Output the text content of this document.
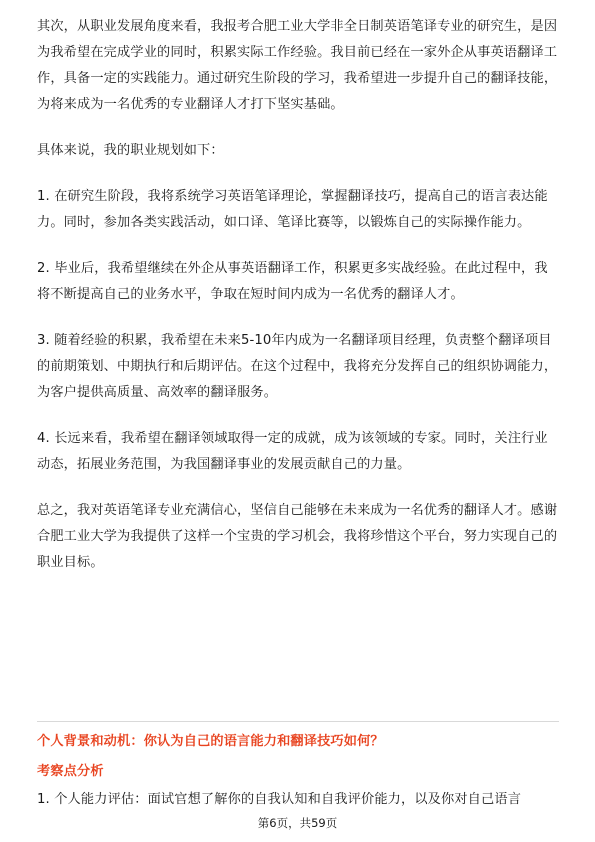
其次，从职业发展角度来看，我报考合肥工业大学非全日制英语笔译专业的研究生，是因为我希望在完成学业的同时，积累实际工作经验。我目前已经在一家外企从事英语翻译工作，具备一定的实践能力。通过研究生阶段的学习，我希望进一步提升自己的翻译技能，为将来成为一名优秀的专业翻译人才打下坚实基础。

具体来说，我的职业规划如下：

1. 在研究生阶段，我将系统学习英语笔译理论，掌握翻译技巧，提高自己的语言表达能力。同时，参加各类实践活动，如口译、笔译比赛等，以锻炼自己的实际操作能力。

2. 毕业后，我希望继续在外企从事英语翻译工作，积累更多实战经验。在此过程中，我将不断提高自己的业务水平，争取在短时间内成为一名优秀的翻译人才。

3. 随着经验的积累，我希望在未来5-10年内成为一名翻译项目经理，负责整个翻译项目的前期策划、中期执行和后期评估。在这个过程中，我将充分发挥自己的组织协调能力，为客户提供高质量、高效率的翻译服务。

4. 长远来看，我希望在翻译领域取得一定的成就，成为该领域的专家。同时，关注行业动态，拓展业务范围，为我国翻译事业的发展贡献自己的力量。

总之，我对英语笔译专业充满信心，坚信自己能够在未来成为一名优秀的翻译人才。感谢合肥工业大学为我提供了这样一个宝贵的学习机会，我将珍惜这个平台，努力实现自己的职业目标。

个人背景和动机：你认为自己的语言能力和翻译技巧如何？
考察点分析
1. 个人能力评估：面试官想了解你的自我认知和自我评价能力，以及你对自己语言
第6页，共59页
